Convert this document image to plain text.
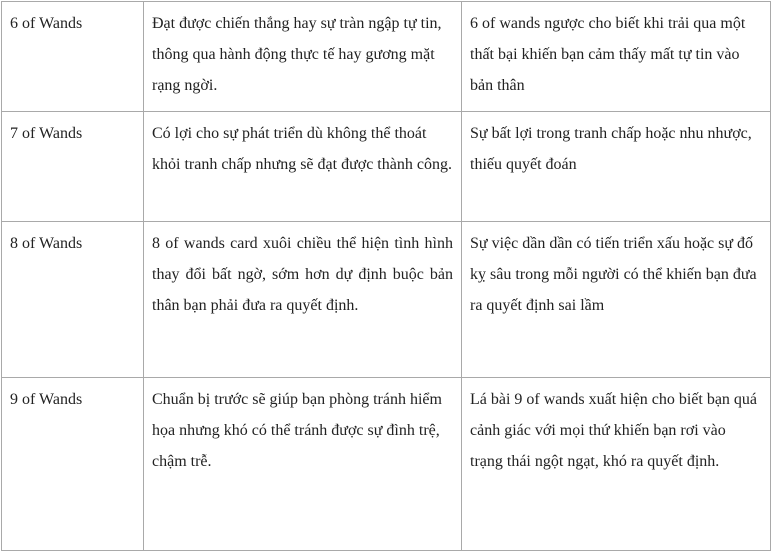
6 of Wands	Đạt được chiến thắng hay sự tràn ngập tự tin, thông qua hành động thực tế hay gương mặt rạng ngời.	6 of wands ngược cho biết khi trải qua một thất bại khiến bạn cảm thấy mất tự tin vào bản thân
7 of Wands	Có lợi cho sự phát triển dù không thể thoát khỏi tranh chấp nhưng sẽ đạt được thành công.	Sự bất lợi trong tranh chấp hoặc nhu nhược, thiếu quyết đoán
8 of Wands	8 of wands card xuôi chiều thể hiện tình hình thay đổi bất ngờ, sớm hơn dự định buộc bản thân bạn phải đưa ra quyết định.	Sự việc dần dần có tiến triển xấu hoặc sự đố kỵ sâu trong mỗi người có thể khiến bạn đưa ra quyết định sai lầm
9 of Wands	Chuẩn bị trước sẽ giúp bạn phòng tránh hiểm họa nhưng khó có thể tránh được sự đình trệ, chậm trễ.	Lá bài 9 of wands xuất hiện cho biết bạn quá cảnh giác với mọi thứ khiến bạn rơi vào trạng thái ngột ngạt, khó ra quyết định.
